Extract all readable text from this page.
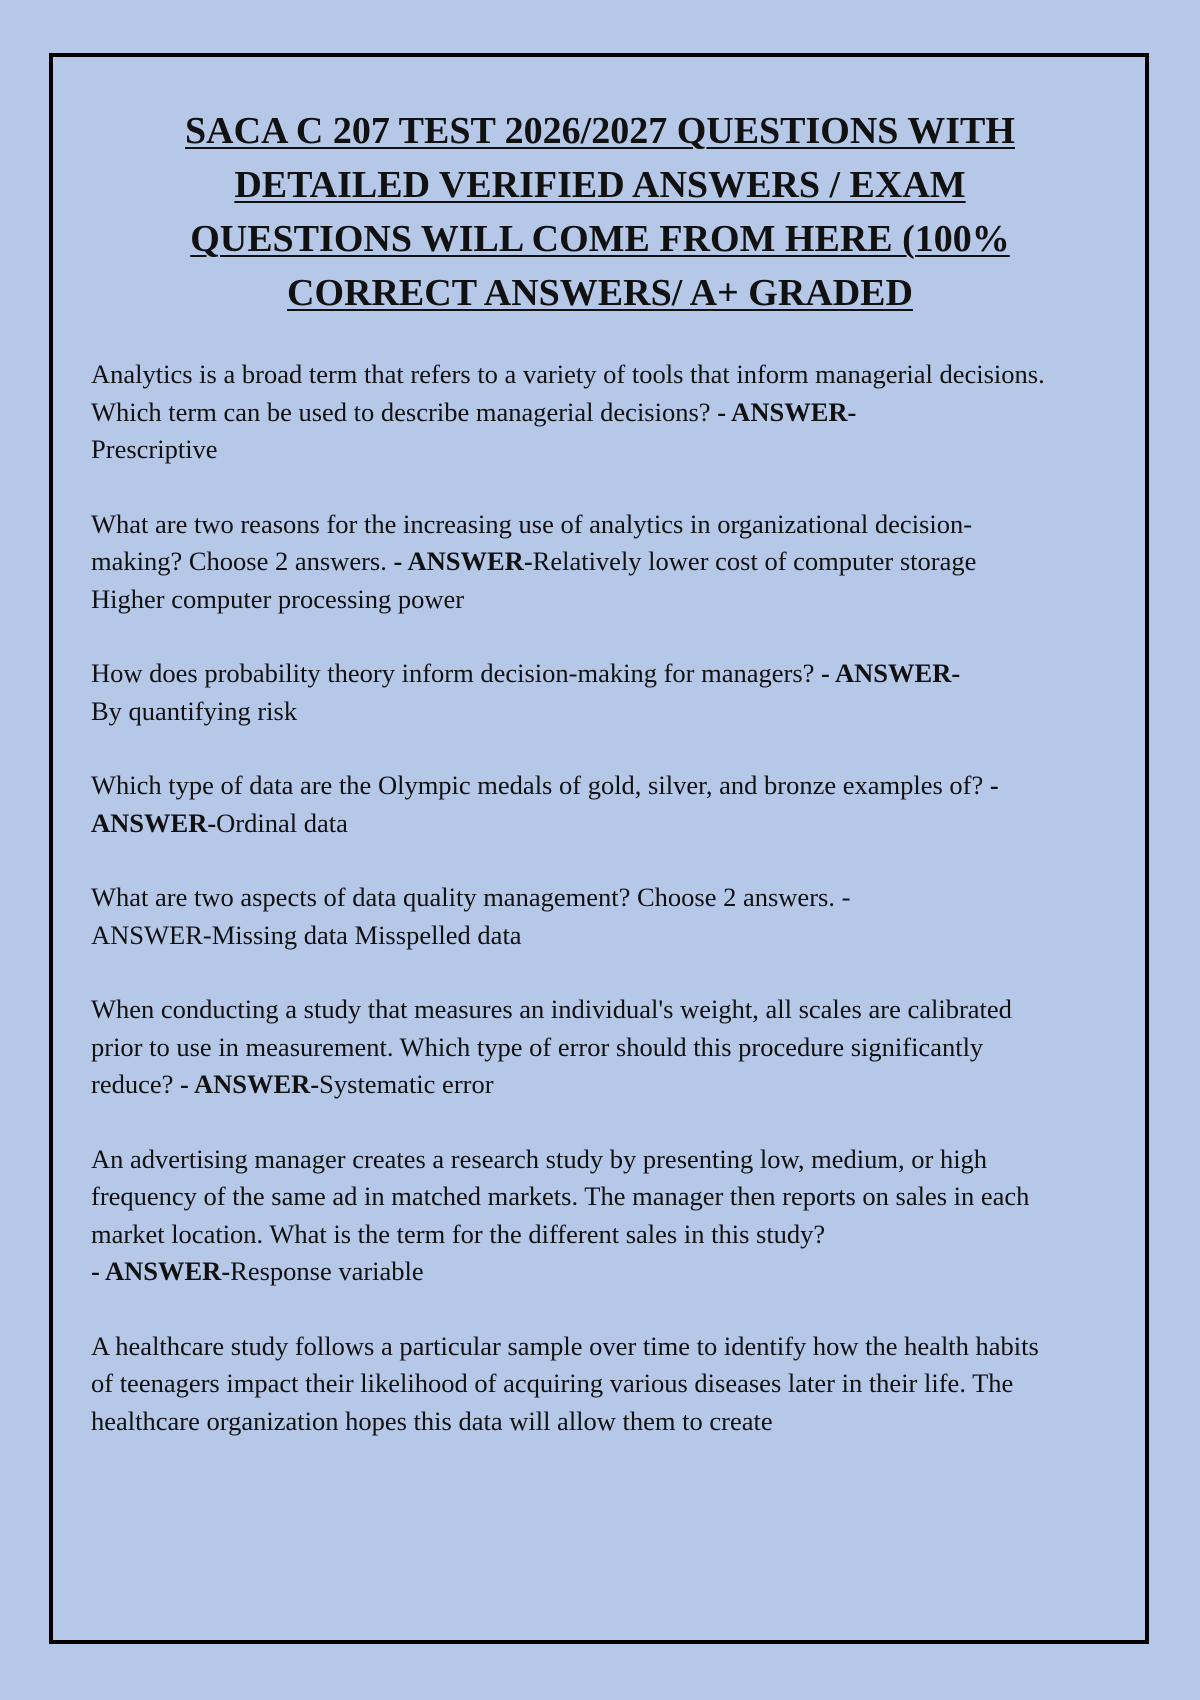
SACA C 207 TEST 2026/2027 QUESTIONS WITH
DETAILED VERIFIED ANSWERS / EXAM
QUESTIONS WILL COME FROM HERE (100%
CORRECT ANSWERS/ A+ GRADED

Analytics is a broad term that refers to a variety of tools that inform managerial decisions. Which term can be used to describe managerial decisions? - ANSWER-
Prescriptive

What are two reasons for the increasing use of analytics in organizational decision-making? Choose 2 answers. - ANSWER-Relatively lower cost of computer storage
Higher computer processing power

How does probability theory inform decision-making for managers? - ANSWER-
By quantifying risk

Which type of data are the Olympic medals of gold, silver, and bronze examples of? - ANSWER-Ordinal data

What are two aspects of data quality management? Choose 2 answers. -
ANSWER-Missing data Misspelled data

When conducting a study that measures an individual's weight, all scales are calibrated prior to use in measurement. Which type of error should this procedure significantly reduce? - ANSWER-Systematic error

An advertising manager creates a research study by presenting low, medium, or high frequency of the same ad in matched markets. The manager then reports on sales in each market location. What is the term for the different sales in this study?
- ANSWER-Response variable

A healthcare study follows a particular sample over time to identify how the health habits of teenagers impact their likelihood of acquiring various diseases later in their life. The healthcare organization hopes this data will allow them to create
